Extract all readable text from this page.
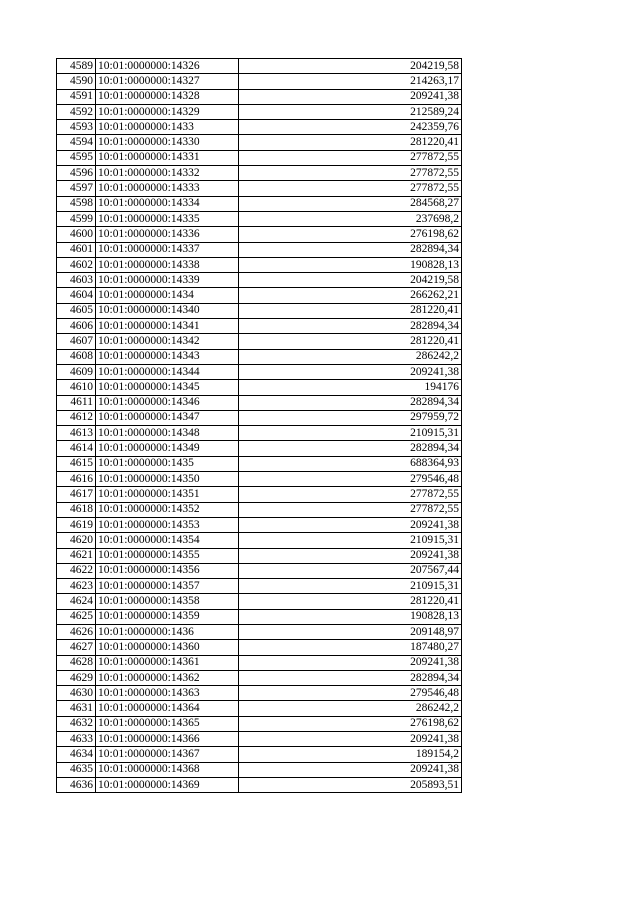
4589	10:01:0000000:14326	204219,58
4590	10:01:0000000:14327	214263,17
4591	10:01:0000000:14328	209241,38
4592	10:01:0000000:14329	212589,24
4593	10:01:0000000:1433	242359,76
4594	10:01:0000000:14330	281220,41
4595	10:01:0000000:14331	277872,55
4596	10:01:0000000:14332	277872,55
4597	10:01:0000000:14333	277872,55
4598	10:01:0000000:14334	284568,27
4599	10:01:0000000:14335	237698,2
4600	10:01:0000000:14336	276198,62
4601	10:01:0000000:14337	282894,34
4602	10:01:0000000:14338	190828,13
4603	10:01:0000000:14339	204219,58
4604	10:01:0000000:1434	266262,21
4605	10:01:0000000:14340	281220,41
4606	10:01:0000000:14341	282894,34
4607	10:01:0000000:14342	281220,41
4608	10:01:0000000:14343	286242,2
4609	10:01:0000000:14344	209241,38
4610	10:01:0000000:14345	194176
4611	10:01:0000000:14346	282894,34
4612	10:01:0000000:14347	297959,72
4613	10:01:0000000:14348	210915,31
4614	10:01:0000000:14349	282894,34
4615	10:01:0000000:1435	688364,93
4616	10:01:0000000:14350	279546,48
4617	10:01:0000000:14351	277872,55
4618	10:01:0000000:14352	277872,55
4619	10:01:0000000:14353	209241,38
4620	10:01:0000000:14354	210915,31
4621	10:01:0000000:14355	209241,38
4622	10:01:0000000:14356	207567,44
4623	10:01:0000000:14357	210915,31
4624	10:01:0000000:14358	281220,41
4625	10:01:0000000:14359	190828,13
4626	10:01:0000000:1436	209148,97
4627	10:01:0000000:14360	187480,27
4628	10:01:0000000:14361	209241,38
4629	10:01:0000000:14362	282894,34
4630	10:01:0000000:14363	279546,48
4631	10:01:0000000:14364	286242,2
4632	10:01:0000000:14365	276198,62
4633	10:01:0000000:14366	209241,38
4634	10:01:0000000:14367	189154,2
4635	10:01:0000000:14368	209241,38
4636	10:01:0000000:14369	205893,51
